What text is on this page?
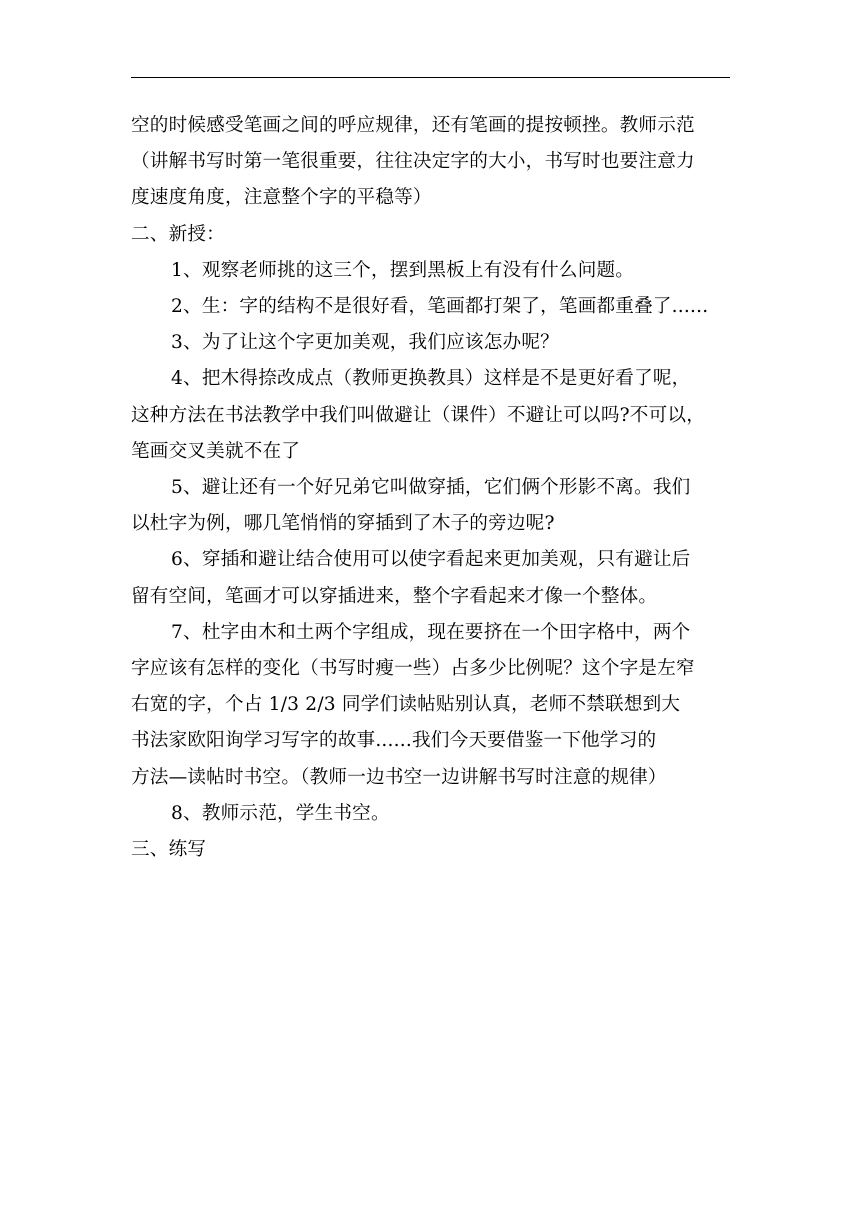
空的时候感受笔画之间的呼应规律，还有笔画的提按顿挫。教师示范

（讲解书写时第一笔很重要，往往决定字的大小，书写时也要注意力

度速度角度，注意整个字的平稳等）

二、新授：

1、观察老师挑的这三个，摆到黑板上有没有什么问题。

2、生：字的结构不是很好看，笔画都打架了，笔画都重叠了......

3、为了让这个字更加美观，我们应该怎办呢？

4、把木得捺改成点（教师更换教具）这样是不是更好看了呢，

这种方法在书法教学中我们叫做避让（课件）不避让可以吗?不可以，

笔画交叉美就不在了

5、避让还有一个好兄弟它叫做穿插，它们俩个形影不离。我们

以杜字为例，哪几笔悄悄的穿插到了木子的旁边呢?

6、穿插和避让结合使用可以使字看起来更加美观，只有避让后

留有空间，笔画才可以穿插进来，整个字看起来才像一个整体。

7、杜字由木和土两个字组成，现在要挤在一个田字格中，两个

字应该有怎样的变化（书写时瘦一些）占多少比例呢？这个字是左窄

右宽的字，个占 1/3 2/3 同学们读帖贴别认真，老师不禁联想到大

书法家欧阳询学习写字的故事......我们今天要借鉴一下他学习的

方法—读帖时书空。（教师一边书空一边讲解书写时注意的规律）

8、教师示范，学生书空。

三、练写
